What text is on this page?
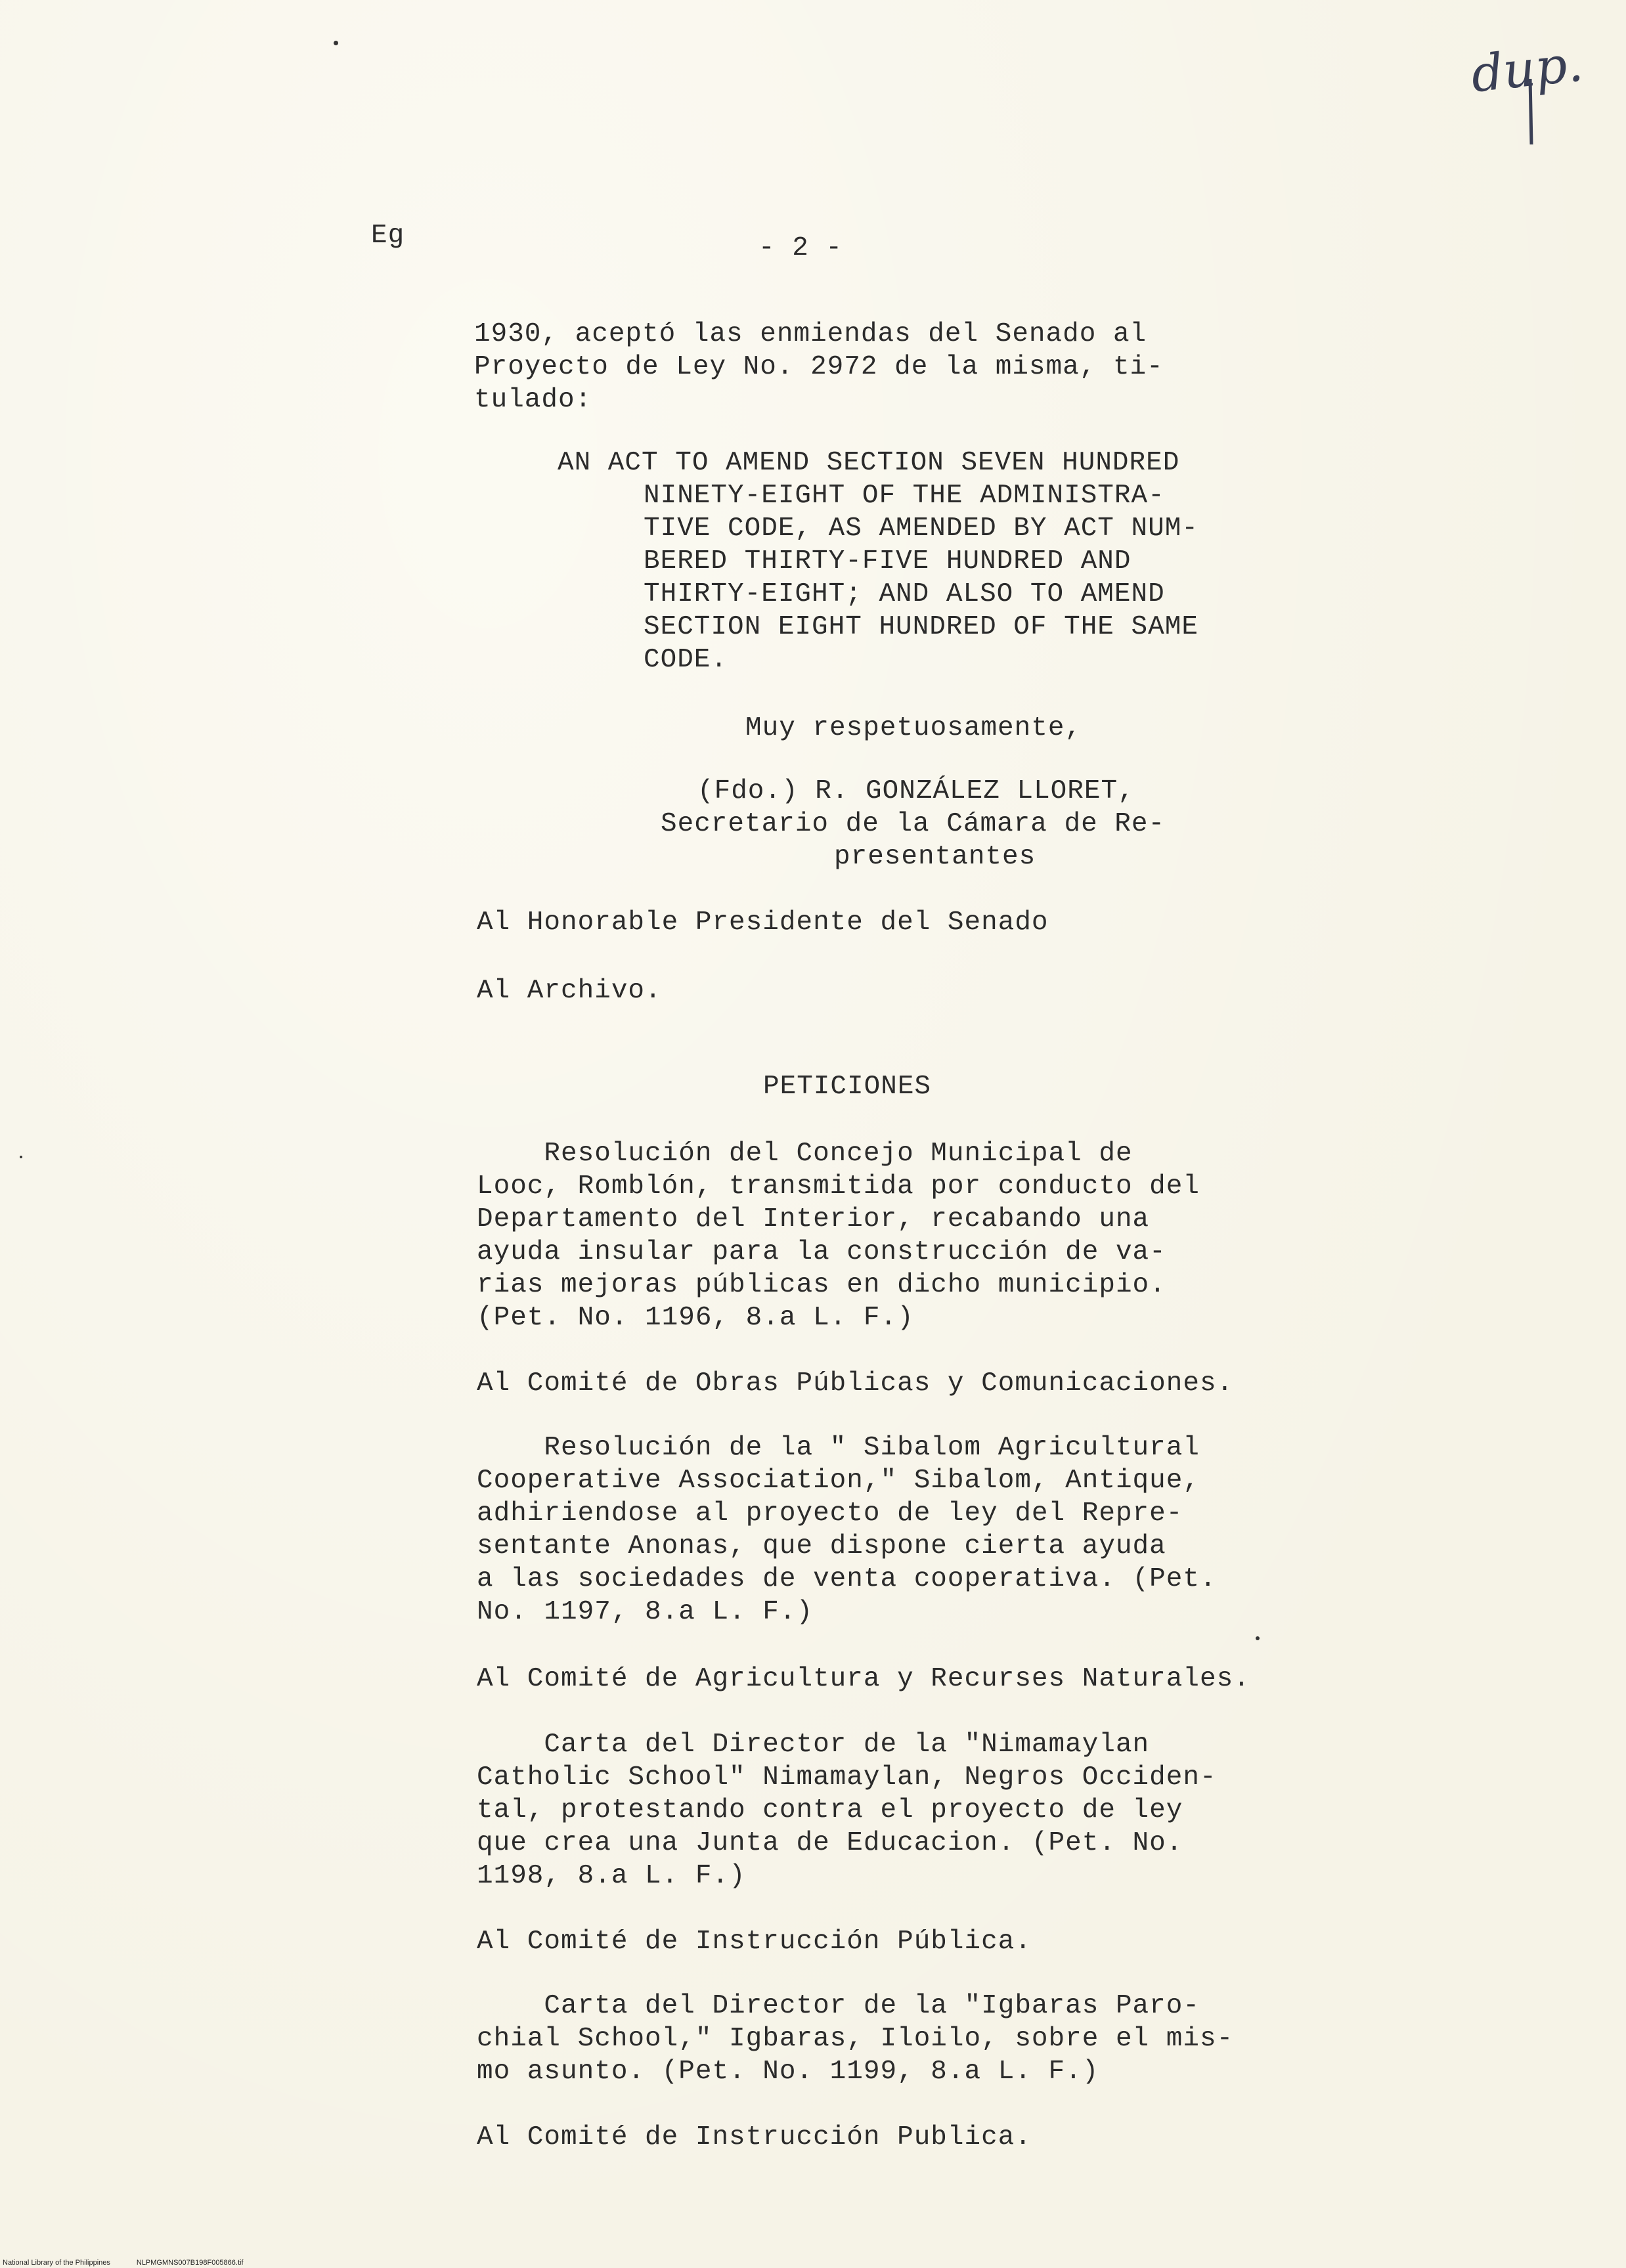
dup.
Eg	- 2 -
1930, aceptó las enmiendas del Senado al
Proyecto de Ley No. 2972 de la misma, ti-
tulado:
AN ACT TO AMEND SECTION SEVEN HUNDRED
NINETY-EIGHT OF THE ADMINISTRA-
TIVE CODE, AS AMENDED BY ACT NUM-
BERED THIRTY-FIVE HUNDRED AND
THIRTY-EIGHT; AND ALSO TO AMEND
SECTION EIGHT HUNDRED OF THE SAME
CODE.
Muy respetuosamente,
(Fdo.) R. GONZÁLEZ LLORET,
Secretario de la Cámara de Re-
presentantes
Al Honorable Presidente del Senado
Al Archivo.
PETICIONES
Resolución del Concejo Municipal de
Looc, Romblón, transmitida por conducto del
Departamento del Interior, recabando una
ayuda insular para la construcción de va-
rias mejoras públicas en dicho municipio.
(Pet. No. 1196, 8.a L. F.)
Al Comité de Obras Públicas y Comunicaciones.
Resolución de la " Sibalom Agricultural
Cooperative Association," Sibalom, Antique,
adhiriendose al proyecto de ley del Repre-
sentante Anonas, que dispone cierta ayuda
a las sociedades de venta cooperativa. (Pet.
No. 1197, 8.a L. F.)
Al Comité de Agricultura y Recurses Naturales.
Carta del Director de la "Nimamaylan
Catholic School" Nimamaylan, Negros Occiden-
tal, protestando contra el proyecto de ley
que crea una Junta de Educacion. (Pet. No.
1198, 8.a L. F.)
Al Comité de Instrucción Pública.
Carta del Director de la "Igbaras Paro-
chial School," Igbaras, Iloilo, sobre el mis-
mo asunto. (Pet. No. 1199, 8.a L. F.)
Al Comité de Instrucción Publica.
National Library of the Philippines	NLPMGMNS007B198F005866.tif
